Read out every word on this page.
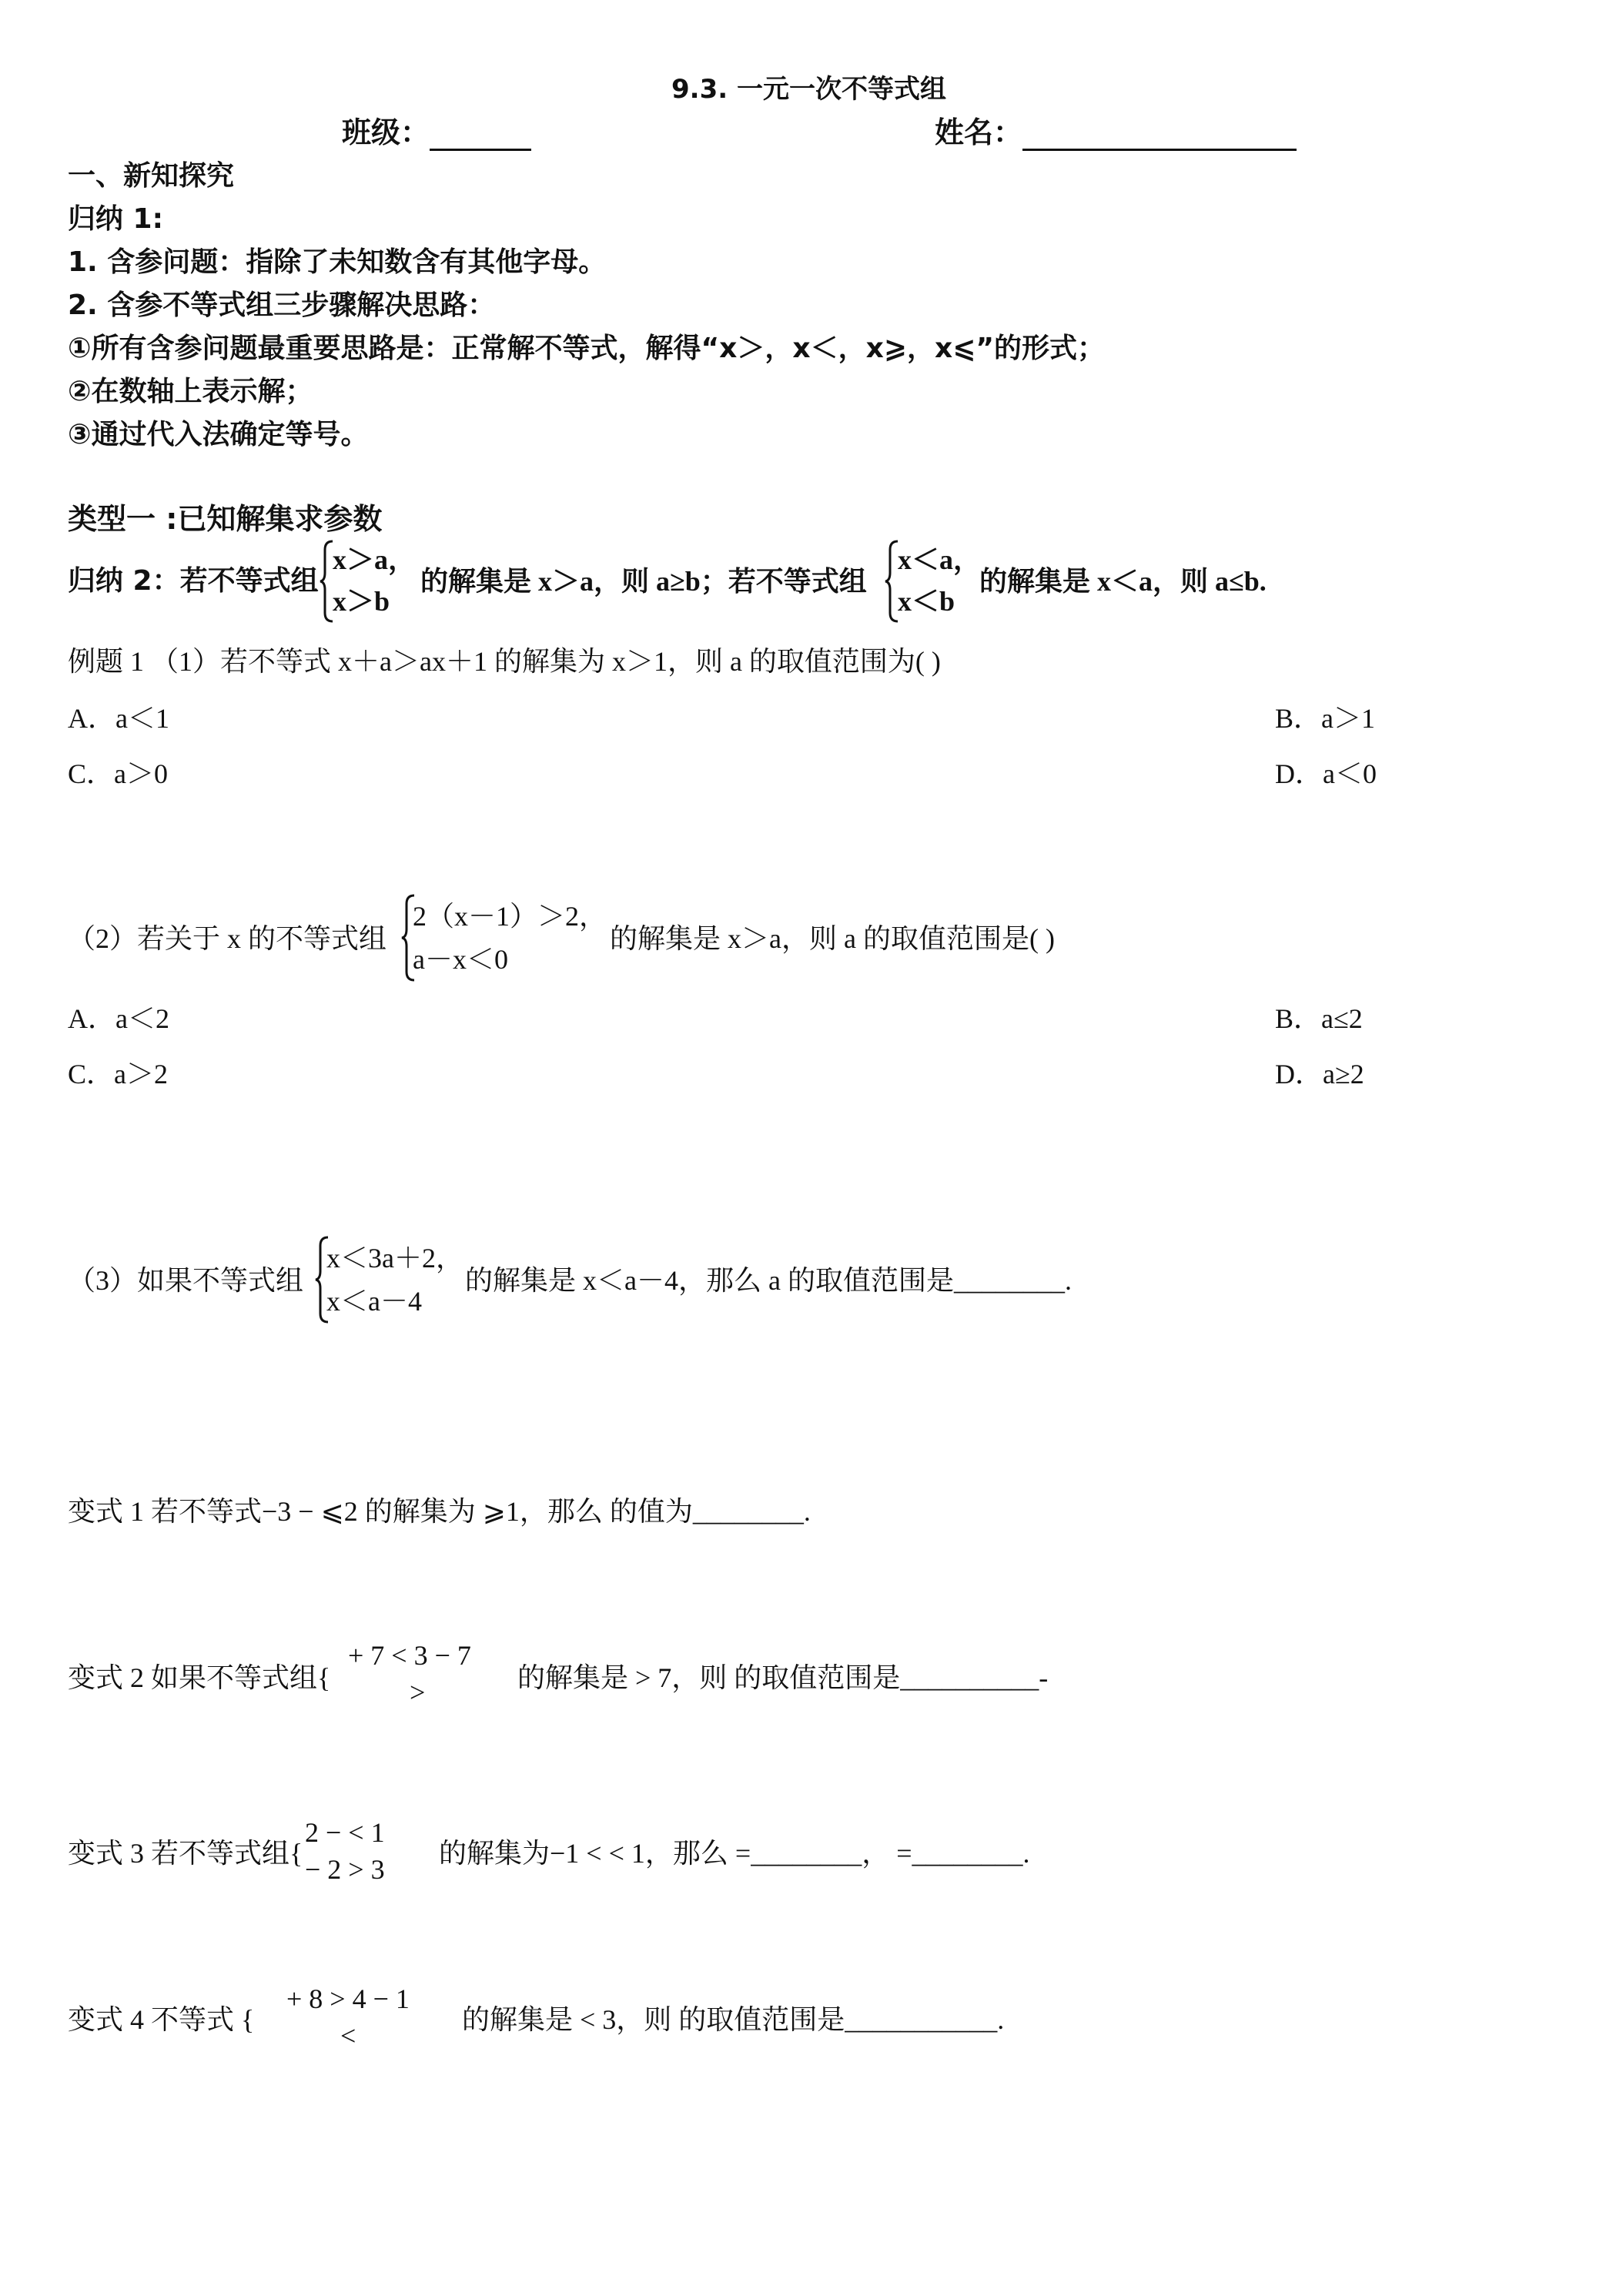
9.3. 一元一次不等式组
班级：	姓名：
一、新知探究
归纳 1:
1. 含参问题：指除了未知数含有其他字母。
2. 含参不等式组三步骤解决思路：
①所有含参问题最重要思路是：正常解不等式，解得“x＞，x＜，x⩾，x⩽”的形式；
②在数轴上表示解；
③通过代入法确定等号。
类型一 :已知解集求参数
归纳 2：若不等式组
x＞a，
x＞b
的解集是 x＞a，则 a≥b；若不等式组
x＜a，
x＜b
的解集是 x＜a，则 a≤b.
例题 1 （1）若不等式 x＋a＞ax＋1 的解集为 x＞1，则 a 的取值范围为( )
A．a＜1	B．a＞1
C．a＞0	D．a＜0
（2）若关于 x 的不等式组
2（x－1）＞2，
a－x＜0
的解集是 x＞a，则 a 的取值范围是( )
A．a＜2	B．a≤2
C．a＞2	D．a≥2
（3）如果不等式组
x＜3a＋2，
x＜a－4
的解集是 x＜a－4，那么 a 的取值范围是________.
变式 1 若不等式−3 − ⩽2 的解集为 ⩾1，那么 的值为________.
变式 2 如果不等式组{
+ 7 < 3 − 7
>	的解集是 > 7，则 的取值范围是__________-
变式 3 若不等式组{
2 − < 1
− 2 > 3
的解集为−1 < < 1，那么 =________， =________.
变式 4 不等式 {
+ 8 > 4 − 1
<
的解集是 < 3，则 的取值范围是___________.
